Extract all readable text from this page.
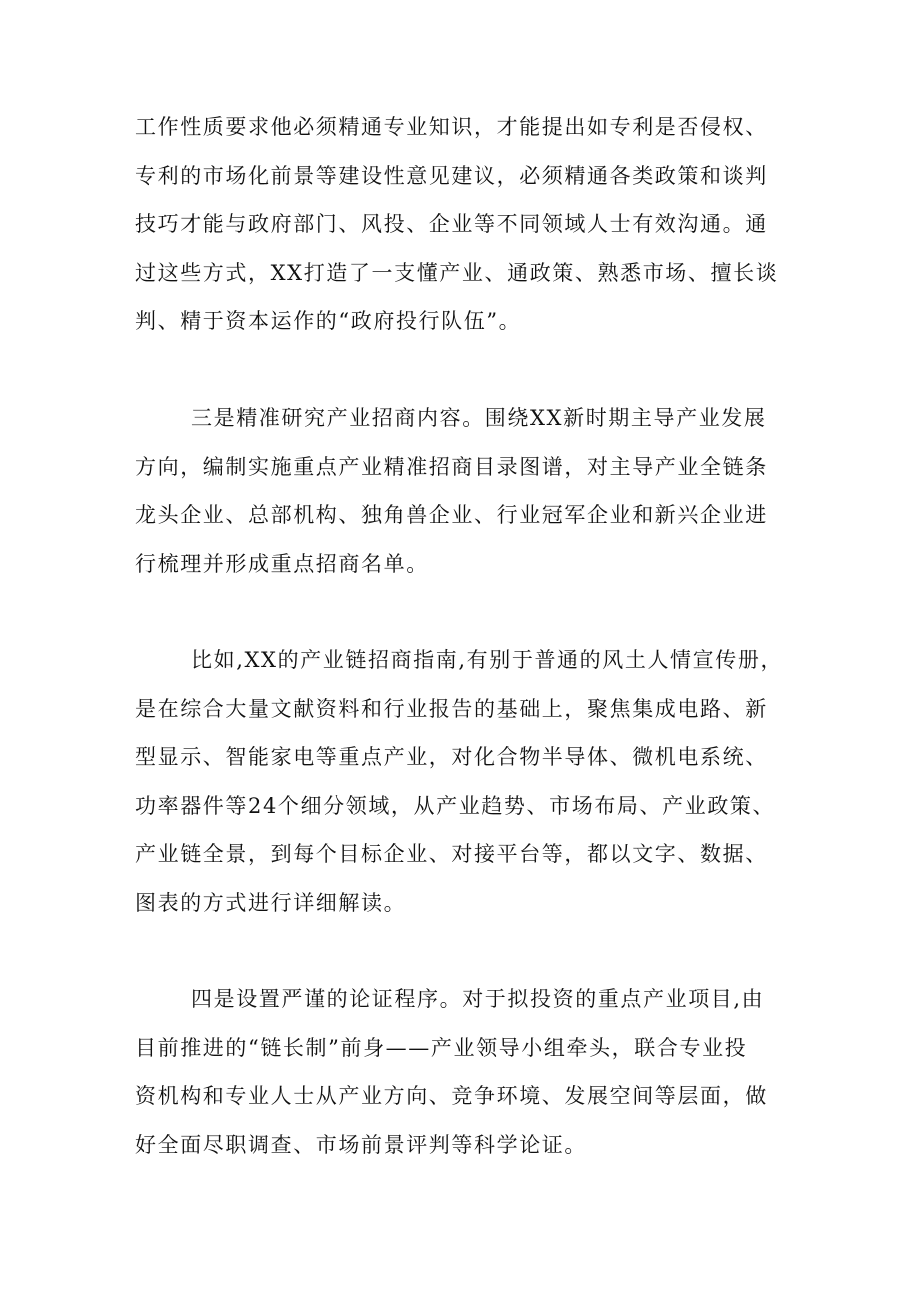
工作性质要求他必须精通专业知识，才能提出如专利是否侵权、
专利的市场化前景等建设性意见建议，必须精通各类政策和谈判
技巧才能与政府部门、风投、企业等不同领域人士有效沟通。通
过这些方式，XX打造了一支懂产业、通政策、熟悉市场、擅长谈
判、精于资本运作的“政府投行队伍”。
三是精准研究产业招商内容。围绕XX新时期主导产业发展
方向，编制实施重点产业精准招商目录图谱，对主导产业全链条
龙头企业、总部机构、独角兽企业、行业冠军企业和新兴企业进
行梳理并形成重点招商名单。
比如,XX的产业链招商指南,有别于普通的风土人情宣传册，
是在综合大量文献资料和行业报告的基础上，聚焦集成电路、新
型显示、智能家电等重点产业，对化合物半导体、微机电系统、
功率器件等24个细分领域，从产业趋势、市场布局、产业政策、
产业链全景，到每个目标企业、对接平台等，都以文字、数据、
图表的方式进行详细解读。
四是设置严谨的论证程序。对于拟投资的重点产业项目,由
目前推进的“链长制”前身——产业领导小组牵头，联合专业投
资机构和专业人士从产业方向、竞争环境、发展空间等层面，做
好全面尽职调查、市场前景评判等科学论证。
